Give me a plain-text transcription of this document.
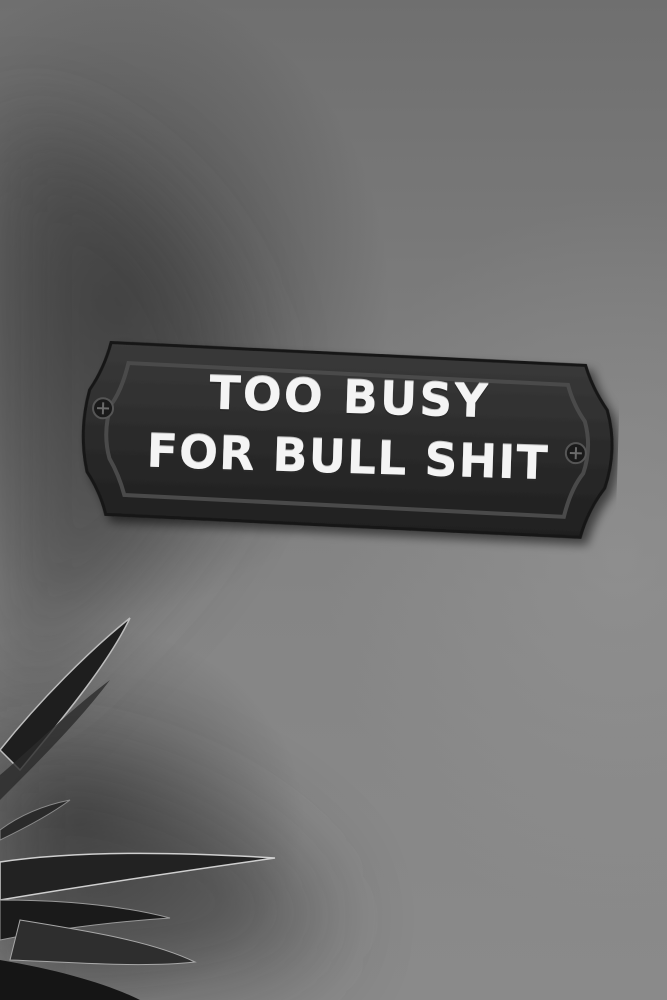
TOO BUSY
FOR BULL SHIT
